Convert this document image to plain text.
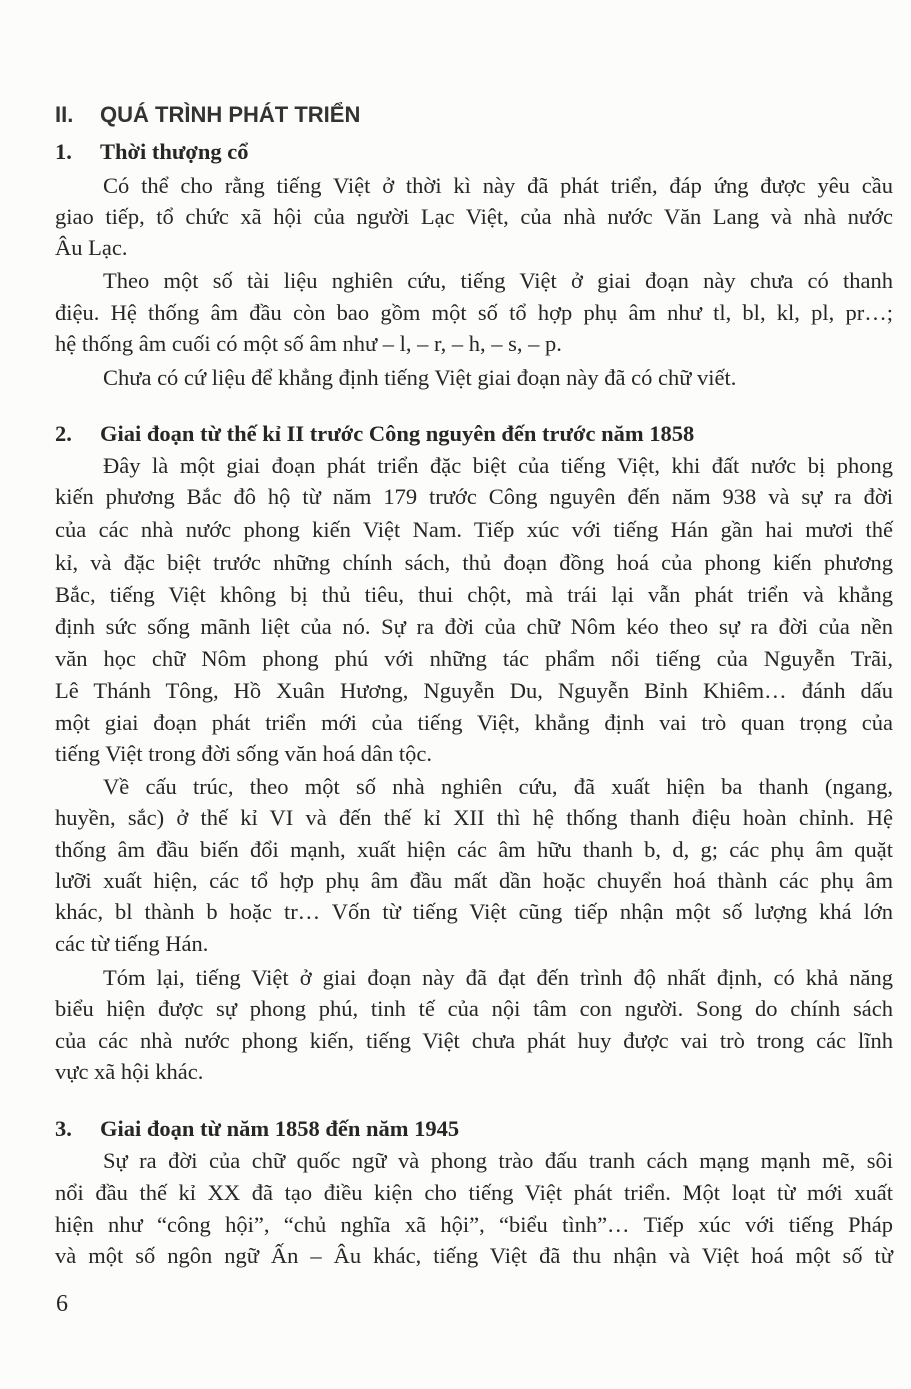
II. QUÁ TRÌNH PHÁT TRIỂN
1. Thời thượng cổ
Có thể cho rằng tiếng Việt ở thời kì này đã phát triển, đáp ứng được yêu cầu
giao tiếp, tổ chức xã hội của người Lạc Việt, của nhà nước Văn Lang và nhà nước
Âu Lạc.
Theo một số tài liệu nghiên cứu, tiếng Việt ở giai đoạn này chưa có thanh
điệu. Hệ thống âm đầu còn bao gồm một số tổ hợp phụ âm như tl, bl, kl, pl, pr…;
hệ thống âm cuối có một số âm như – l, – r, – h, – s, – p.
Chưa có cứ liệu để khẳng định tiếng Việt giai đoạn này đã có chữ viết.
2. Giai đoạn từ thế kỉ II trước Công nguyên đến trước năm 1858
Đây là một giai đoạn phát triển đặc biệt của tiếng Việt, khi đất nước bị phong
kiến phương Bắc đô hộ từ năm 179 trước Công nguyên đến năm 938 và sự ra đời
của các nhà nước phong kiến Việt Nam. Tiếp xúc với tiếng Hán gần hai mươi thế
kỉ, và đặc biệt trước những chính sách, thủ đoạn đồng hoá của phong kiến phương
Bắc, tiếng Việt không bị thủ tiêu, thui chột, mà trái lại vẫn phát triển và khẳng
định sức sống mãnh liệt của nó. Sự ra đời của chữ Nôm kéo theo sự ra đời của nền
văn học chữ Nôm phong phú với những tác phẩm nổi tiếng của Nguyễn Trãi,
Lê Thánh Tông, Hồ Xuân Hương, Nguyễn Du, Nguyễn Bỉnh Khiêm… đánh dấu
một giai đoạn phát triển mới của tiếng Việt, khẳng định vai trò quan trọng của
tiếng Việt trong đời sống văn hoá dân tộc.
Về cấu trúc, theo một số nhà nghiên cứu, đã xuất hiện ba thanh (ngang,
huyền, sắc) ở thế kỉ VI và đến thế kỉ XII thì hệ thống thanh điệu hoàn chỉnh. Hệ
thống âm đầu biến đổi mạnh, xuất hiện các âm hữu thanh b, d, g; các phụ âm quặt
lưỡi xuất hiện, các tổ hợp phụ âm đầu mất dần hoặc chuyển hoá thành các phụ âm
khác, bl thành b hoặc tr… Vốn từ tiếng Việt cũng tiếp nhận một số lượng khá lớn
các từ tiếng Hán.
Tóm lại, tiếng Việt ở giai đoạn này đã đạt đến trình độ nhất định, có khả năng
biểu hiện được sự phong phú, tinh tế của nội tâm con người. Song do chính sách
của các nhà nước phong kiến, tiếng Việt chưa phát huy được vai trò trong các lĩnh
vực xã hội khác.
3. Giai đoạn từ năm 1858 đến năm 1945
Sự ra đời của chữ quốc ngữ và phong trào đấu tranh cách mạng mạnh mẽ, sôi
nổi đầu thế kỉ XX đã tạo điều kiện cho tiếng Việt phát triển. Một loạt từ mới xuất
hiện như “công hội”, “chủ nghĩa xã hội”, “biểu tình”… Tiếp xúc với tiếng Pháp
và một số ngôn ngữ Ấn – Âu khác, tiếng Việt đã thu nhận và Việt hoá một số từ
6
